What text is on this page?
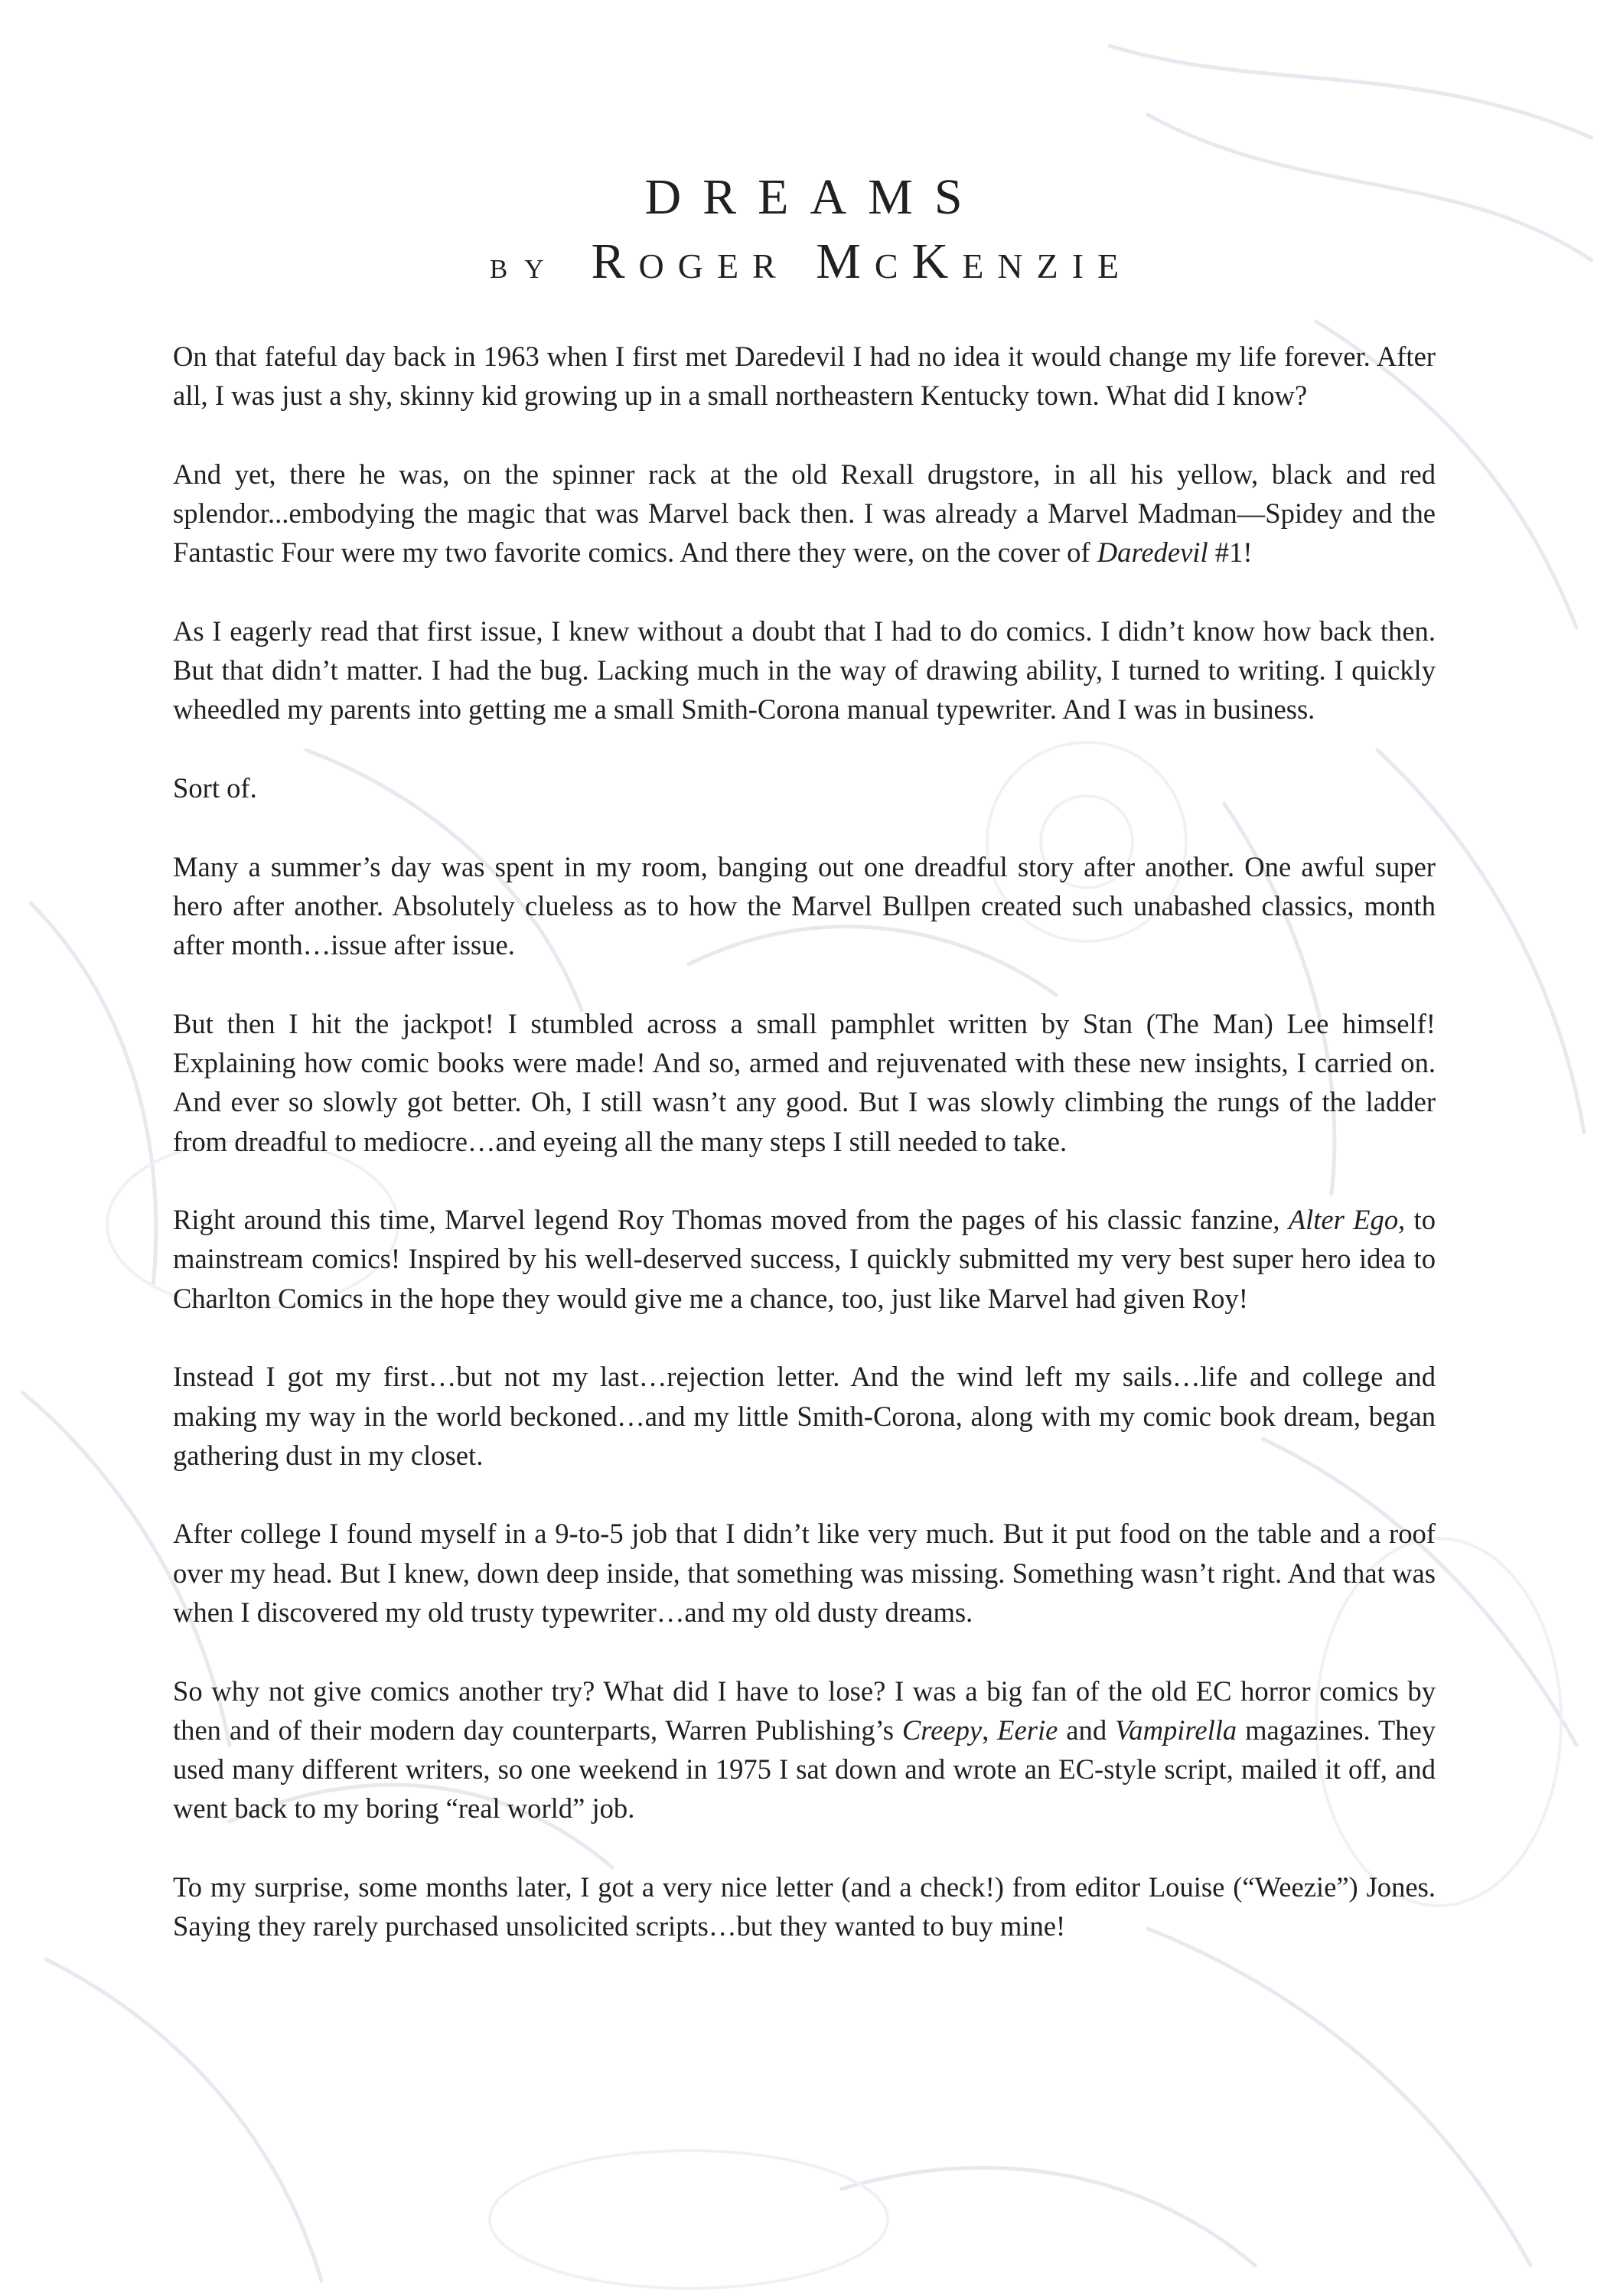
DREAMS
by Roger McKenzie

On that fateful day back in 1963 when I first met Daredevil I had no idea it would change my life forever. After all, I was just a shy, skinny kid growing up in a small northeastern Kentucky town. What did I know?

And yet, there he was, on the spinner rack at the old Rexall drugstore, in all his yellow, black and red splendor...embodying the magic that was Marvel back then. I was already a Marvel Madman—Spidey and the Fantastic Four were my two favorite comics. And there they were, on the cover of Daredevil #1!

As I eagerly read that first issue, I knew without a doubt that I had to do comics. I didn’t know how back then. But that didn’t matter. I had the bug. Lacking much in the way of drawing ability, I turned to writing. I quickly wheedled my parents into getting me a small Smith-Corona manual typewriter. And I was in business.

Sort of.

Many a summer’s day was spent in my room, banging out one dreadful story after another. One awful super hero after another. Absolutely clueless as to how the Marvel Bullpen created such unabashed classics, month after month…issue after issue.

But then I hit the jackpot! I stumbled across a small pamphlet written by Stan (The Man) Lee himself! Explaining how comic books were made! And so, armed and rejuvenated with these new insights, I carried on. And ever so slowly got better. Oh, I still wasn’t any good. But I was slowly climbing the rungs of the ladder from dreadful to mediocre…and eyeing all the many steps I still needed to take.

Right around this time, Marvel legend Roy Thomas moved from the pages of his classic fanzine, Alter Ego, to mainstream comics! Inspired by his well-deserved success, I quickly submitted my very best super hero idea to Charlton Comics in the hope they would give me a chance, too, just like Marvel had given Roy!

Instead I got my first…but not my last…rejection letter. And the wind left my sails…life and college and making my way in the world beckoned…and my little Smith-Corona, along with my comic book dream, began gathering dust in my closet.

After college I found myself in a 9-to-5 job that I didn’t like very much. But it put food on the table and a roof over my head. But I knew, down deep inside, that something was missing. Something wasn’t right. And that was when I discovered my old trusty typewriter…and my old dusty dreams.

So why not give comics another try? What did I have to lose? I was a big fan of the old EC horror comics by then and of their modern day counterparts, Warren Publishing’s Creepy, Eerie and Vampirella magazines. They used many different writers, so one weekend in 1975 I sat down and wrote an EC-style script, mailed it off, and went back to my boring “real world” job.

To my surprise, some months later, I got a very nice letter (and a check!) from editor Louise (“Weezie”) Jones. Saying they rarely purchased unsolicited scripts…but they wanted to buy mine!
